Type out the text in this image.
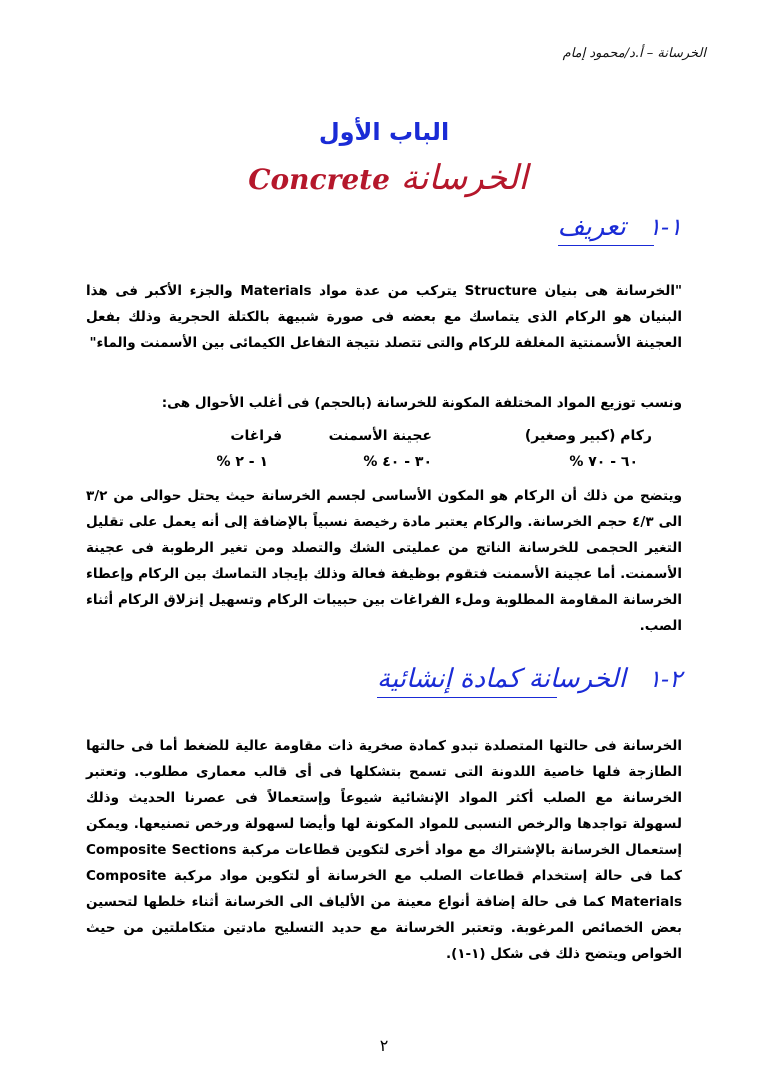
الخرسانة – أ.د/محمود إمام
الباب الأول
الخرسانة Concrete
١-١ تعريف
"الخرسانة هى بنيان Structure يتركب من عدة مواد Materials والجزء الأكبر فى هذا البنيان هو الركام الذى يتماسك مع بعضه فى صورة شبيهة بالكتلة الحجرية وذلك بفعل العجينة الأسمنتية المغلفة للركام والتى تتصلد نتيجة التفاعل الكيمائى بين الأسمنت والماء"
ونسب توزيع المواد المختلفة المكونة للخرسانة (بالحجم) فى أغلب الأحوال هى:
ركام (كبير وصغير)
عجينة الأسمنت
فراغات
٦٠ - ٧٠ %
٣٠ - ٤٠ %
١ - ٢ %
ويتضح من ذلك أن الركام هو المكون الأساسى لجسم الخرسانة حيث يحتل حوالى من ٣/٢ الى ٤/٣ حجم الخرسانة. والركام يعتبر مادة رخيصة نسبياً بالإضافة إلى أنه يعمل على تقليل التغير الحجمى للخرسانة الناتج من عمليتى الشك والتصلد ومن تغير الرطوبة فى عجينة الأسمنت. أما عجينة الأسمنت فتقوم بوظيفة فعالة وذلك بإيجاد التماسك بين الركام وإعطاء الخرسانة المقاومة المطلوبة وملء الفراغات بين حبيبات الركام وتسهيل إنزلاق الركام أثناء الصب.
٢-١ الخرسانة كمادة إنشائية
الخرسانة فى حالتها المتصلدة تبدو كمادة صخرية ذات مقاومة عالية للضغط أما فى حالتها الطازجة فلها خاصية اللدونة التى تسمح بتشكلها فى أى قالب معمارى مطلوب. وتعتبر الخرسانة مع الصلب أكثر المواد الإنشائية شيوعاً وإستعمالاً فى عصرنا الحديث وذلك لسهولة تواجدها والرخص النسبى للمواد المكونة لها وأيضا لسهولة ورخص تصنيعها. ويمكن إستعمال الخرسانة بالإشتراك مع مواد أخرى لتكوين قطاعات مركبة Composite Sections كما فى حالة إستخدام قطاعات الصلب مع الخرسانة أو لتكوين مواد مركبة Composite Materials كما فى حالة إضافة أنواع معينة من الألياف الى الخرسانة أثناء خلطها لتحسين بعض الخصائص المرغوبة. وتعتبر الخرسانة مع حديد التسليح مادتين متكاملتين من حيث الخواص ويتضح ذلك فى شكل (١-١).
٢
